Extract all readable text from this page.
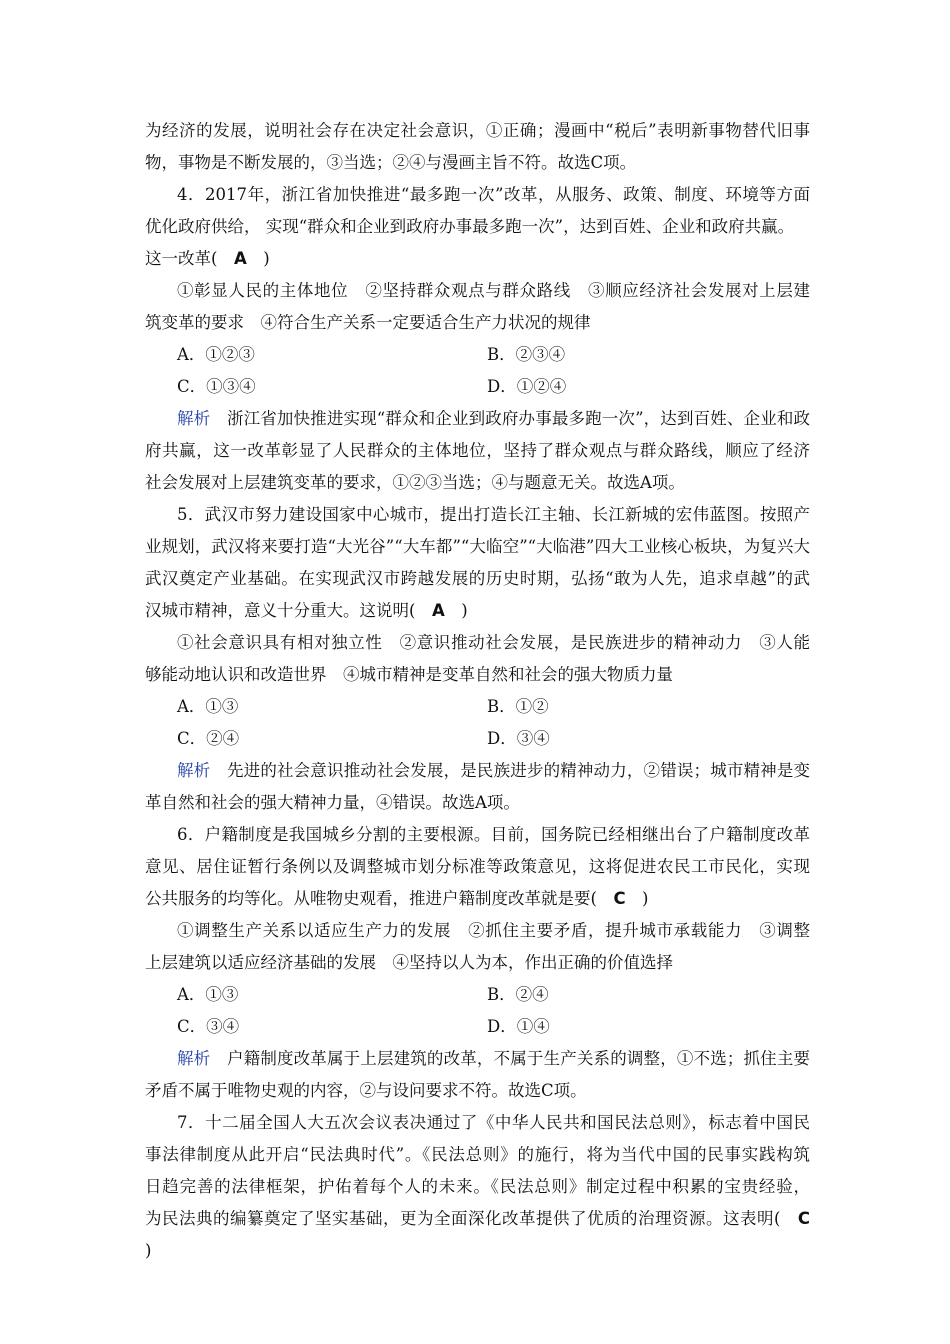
为经济的发展，说明社会存在决定社会意识，①正确；漫画中“税后”表明新事物替代旧事
物，事物是不断发展的，③当选；②④与漫画主旨不符。故选C项。
4．2017年，浙江省加快推进“最多跑一次”改革，从服务、政策、制度、环境等方面
优化政府供给， 实现“群众和企业到政府办事最多跑一次”，达到百姓、企业和政府共赢。
这一改革(　A　)
①彰显人民的主体地位　②坚持群众观点与群众路线　③顺应经济社会发展对上层建
筑变革的要求　④符合生产关系一定要适合生产力状况的规律
A．①②③	B．②③④
C．①③④	D．①②④
解析　浙江省加快推进实现“群众和企业到政府办事最多跑一次”，达到百姓、企业和政
府共赢，这一改革彰显了人民群众的主体地位，坚持了群众观点与群众路线，顺应了经济
社会发展对上层建筑变革的要求，①②③当选；④与题意无关。故选A项。
5．武汉市努力建设国家中心城市，提出打造长江主轴、长江新城的宏伟蓝图。按照产
业规划，武汉将来要打造“大光谷”“大车都”“大临空”“大临港”四大工业核心板块，为复兴大
武汉奠定产业基础。在实现武汉市跨越发展的历史时期，弘扬“敢为人先，追求卓越”的武
汉城市精神，意义十分重大。这说明(　A　)
①社会意识具有相对独立性　②意识推动社会发展，是民族进步的精神动力　③人能
够能动地认识和改造世界　④城市精神是变革自然和社会的强大物质力量
A．①③	B．①②
C．②④	D．③④
解析　先进的社会意识推动社会发展，是民族进步的精神动力，②错误；城市精神是变
革自然和社会的强大精神力量，④错误。故选A项。
6．户籍制度是我国城乡分割的主要根源。目前，国务院已经相继出台了户籍制度改革
意见、居住证暂行条例以及调整城市划分标准等政策意见，这将促进农民工市民化，实现
公共服务的均等化。从唯物史观看，推进户籍制度改革就是要(　C　)
①调整生产关系以适应生产力的发展　②抓住主要矛盾，提升城市承载能力　③调整
上层建筑以适应经济基础的发展　④坚持以人为本，作出正确的价值选择
A．①③	B．②④
C．③④	D．①④
解析　户籍制度改革属于上层建筑的改革，不属于生产关系的调整，①不选；抓住主要
矛盾不属于唯物史观的内容，②与设问要求不符。故选C项。
7．十二届全国人大五次会议表决通过了《中华人民共和国民法总则》，标志着中国民
事法律制度从此开启“民法典时代”。《民法总则》的施行，将为当代中国的民事实践构筑
日趋完善的法律框架，护佑着每个人的未来。《民法总则》制定过程中积累的宝贵经验，
为民法典的编纂奠定了坚实基础，更为全面深化改革提供了优质的治理资源。这表明(　C
)
